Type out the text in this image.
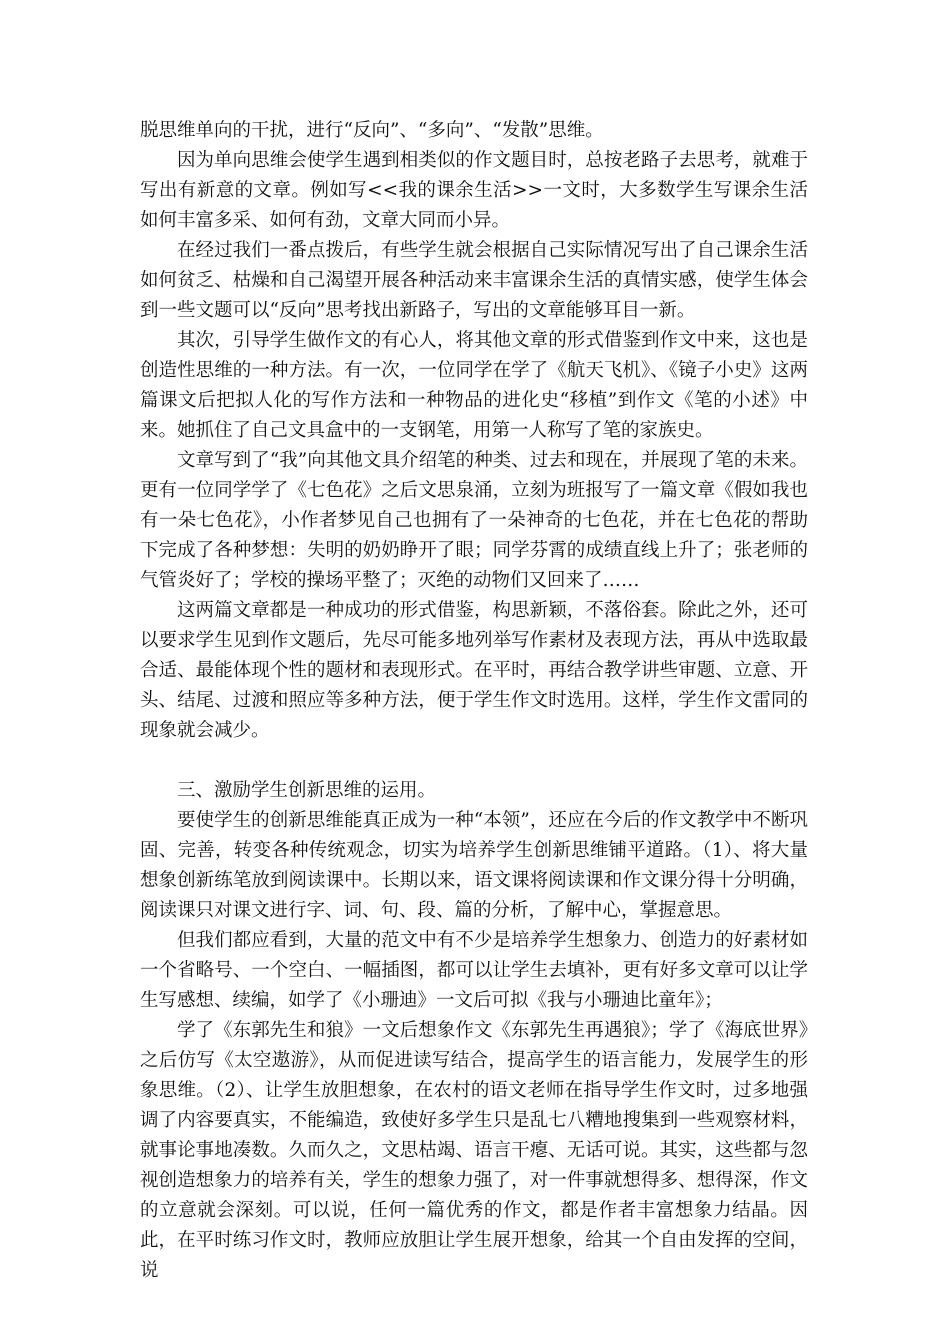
脱思维单向的干扰，进行“反向”、“多向”、“发散”思维。

因为单向思维会使学生遇到相类似的作文题目时，总按老路子去思考，就难于写出有新意的文章。例如写<<我的课余生活>>一文时，大多数学生写课余生活如何丰富多采、如何有劲，文章大同而小异。

在经过我们一番点拨后，有些学生就会根据自己实际情况写出了自己课余生活如何贫乏、枯燥和自己渴望开展各种活动来丰富课余生活的真情实感，使学生体会到一些文题可以“反向”思考找出新路子，写出的文章能够耳目一新。

其次，引导学生做作文的有心人，将其他文章的形式借鉴到作文中来，这也是创造性思维的一种方法。有一次，一位同学在学了《航天飞机》、《镜子小史》这两篇课文后把拟人化的写作方法和一种物品的进化史“移植”到作文《笔的小述》中来。她抓住了自己文具盒中的一支钢笔，用第一人称写了笔的家族史。

文章写到了“我”向其他文具介绍笔的种类、过去和现在，并展现了笔的未来。更有一位同学学了《七色花》之后文思泉涌，立刻为班报写了一篇文章《假如我也有一朵七色花》，小作者梦见自己也拥有了一朵神奇的七色花，并在七色花的帮助下完成了各种梦想：失明的奶奶睁开了眼；同学芬霄的成绩直线上升了；张老师的气管炎好了；学校的操场平整了；灭绝的动物们又回来了……

这两篇文章都是一种成功的形式借鉴，构思新颖，不落俗套。除此之外，还可以要求学生见到作文题后，先尽可能多地列举写作素材及表现方法，再从中选取最合适、最能体现个性的题材和表现形式。在平时，再结合教学讲些审题、立意、开头、结尾、过渡和照应等多种方法，便于学生作文时选用。这样，学生作文雷同的现象就会减少。

三、激励学生创新思维的运用。

要使学生的创新思维能真正成为一种“本领”，还应在今后的作文教学中不断巩固、完善，转变各种传统观念，切实为培养学生创新思维铺平道路。（1）、将大量想象创新练笔放到阅读课中。长期以来，语文课将阅读课和作文课分得十分明确，阅读课只对课文进行字、词、句、段、篇的分析，了解中心，掌握意思。

但我们都应看到，大量的范文中有不少是培养学生想象力、创造力的好素材如一个省略号、一个空白、一幅插图，都可以让学生去填补，更有好多文章可以让学生写感想、续编，如学了《小珊迪》一文后可拟《我与小珊迪比童年》；

学了《东郭先生和狼》一文后想象作文《东郭先生再遇狼》；学了《海底世界》之后仿写《太空遨游》，从而促进读写结合，提高学生的语言能力，发展学生的形象思维。（2）、让学生放胆想象，在农村的语文老师在指导学生作文时，过多地强调了内容要真实，不能编造，致使好多学生只是乱七八糟地搜集到一些观察材料，就事论事地凑数。久而久之，文思枯竭、语言干瘪、无话可说。其实，这些都与忽视创造想象力的培养有关，学生的想象力强了，对一件事就想得多、想得深，作文的立意就会深刻。可以说，任何一篇优秀的作文，都是作者丰富想象力结晶。因此，在平时练习作文时，教师应放胆让学生展开想象，给其一个自由发挥的空间，说
